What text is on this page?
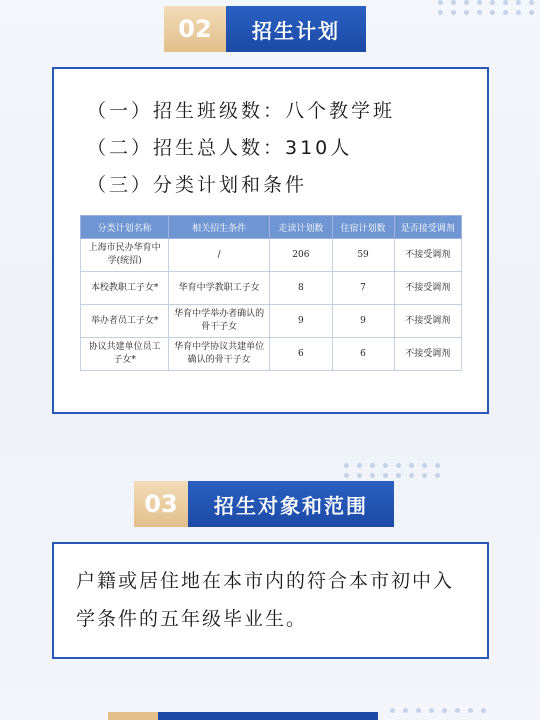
02	招生计划
（一）招生班级数：八个教学班
（二）招生总人数：310人
（三）分类计划和条件
分类计划名称	相关招生条件	走读计划数	住宿计划数	是否接受调剂
上海市民办华育中学(统招)	/	206	59	不接受调剂
本校教职工子女*	华育中学教职工子女	8	7	不接受调剂
举办者员工子女*	华育中学举办者确认的骨干子女	9	9	不接受调剂
协议共建单位员工子女*	华育中学协议共建单位确认的骨干子女	6	6	不接受调剂
03	招生对象和范围
户籍或居住地在本市内的符合本市初中入学条件的五年级毕业生。
